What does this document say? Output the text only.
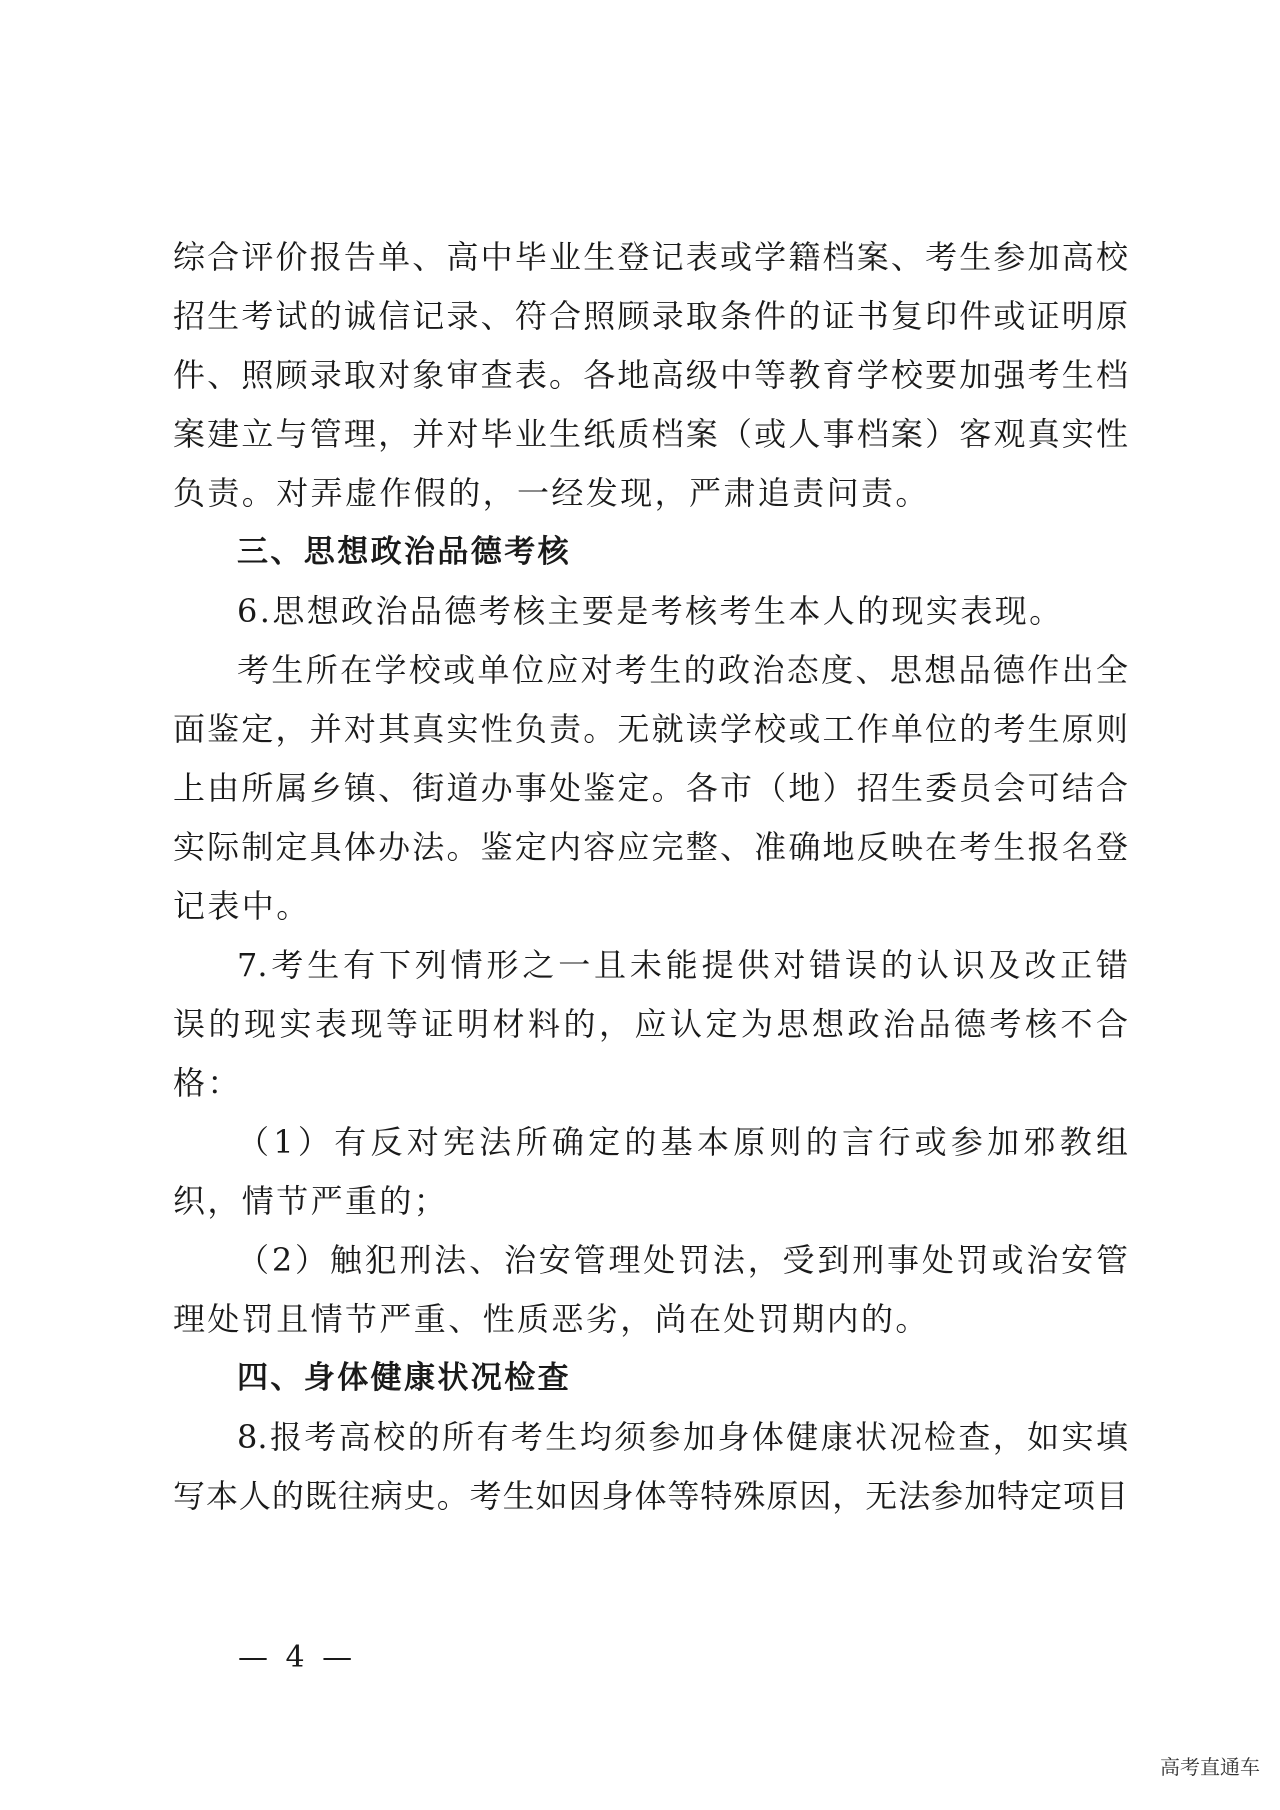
综合评价报告单、高中毕业生登记表或学籍档案、考生参加高校
招生考试的诚信记录、符合照顾录取条件的证书复印件或证明原
件、照顾录取对象审查表。各地高级中等教育学校要加强考生档
案建立与管理，并对毕业生纸质档案（或人事档案）客观真实性
负责。对弄虚作假的，一经发现，严肃追责问责。
三、思想政治品德考核
6.思想政治品德考核主要是考核考生本人的现实表现。
考生所在学校或单位应对考生的政治态度、思想品德作出全
面鉴定，并对其真实性负责。无就读学校或工作单位的考生原则
上由所属乡镇、街道办事处鉴定。各市（地）招生委员会可结合
实际制定具体办法。鉴定内容应完整、准确地反映在考生报名登
记表中。
7.考生有下列情形之一且未能提供对错误的认识及改正错
误的现实表现等证明材料的，应认定为思想政治品德考核不合
格：
（1）有反对宪法所确定的基本原则的言行或参加邪教组
织，情节严重的；
（2）触犯刑法、治安管理处罚法，受到刑事处罚或治安管
理处罚且情节严重、性质恶劣，尚在处罚期内的。
四、身体健康状况检查
8.报考高校的所有考生均须参加身体健康状况检查，如实填
写本人的既往病史。考生如因身体等特殊原因，无法参加特定项目
— 4 —
高考直通车
